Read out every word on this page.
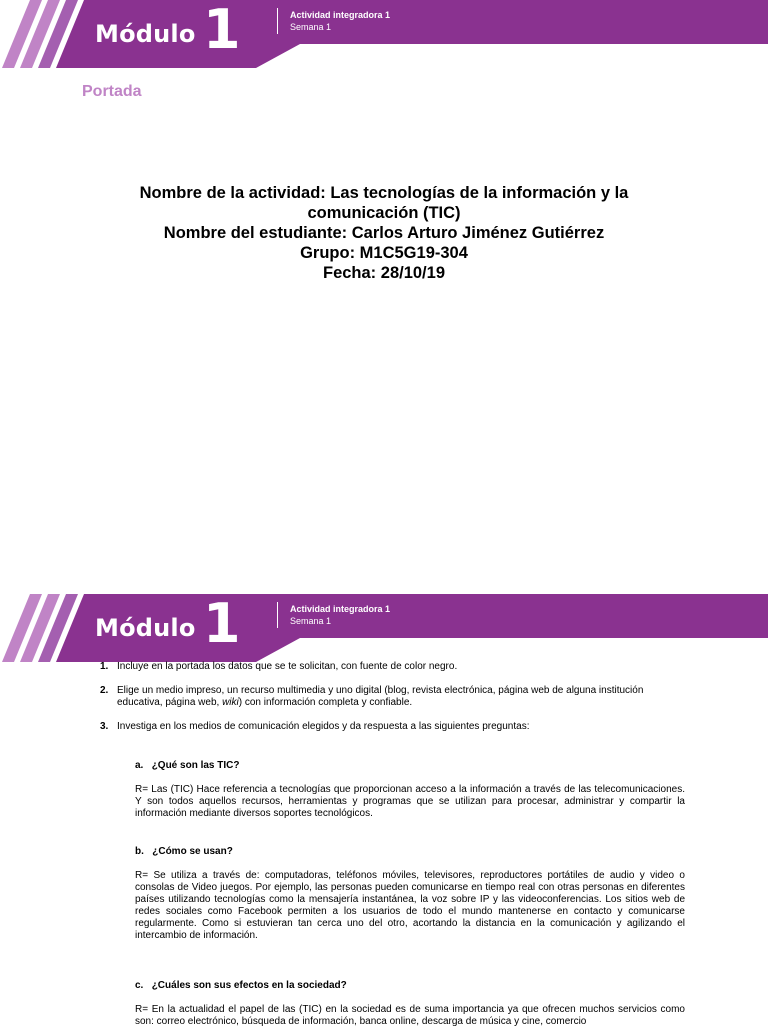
Módulo 1	Actividad integradora 1
Semana 1
Portada
Nombre de la actividad: Las tecnologías de la información y la
comunicación (TIC)
Nombre del estudiante: Carlos Arturo Jiménez Gutiérrez
Grupo: M1C5G19-304
Fecha: 28/10/19
Módulo 1	Actividad integradora 1
Semana 1
1. Incluye en la portada los datos que se te solicitan, con fuente de color negro.
2. Elige un medio impreso, un recurso multimedia y uno digital (blog, revista electrónica, página web de alguna institución educativa, página web, wiki) con información completa y confiable.
3. Investiga en los medios de comunicación elegidos y da respuesta a las siguientes preguntas:
a. ¿Qué son las TIC?
R= Las (TIC) Hace referencia a tecnologías que proporcionan acceso a la información a través de las telecomunicaciones. Y son todos aquellos recursos, herramientas y programas que se utilizan para procesar, administrar y compartir la información mediante diversos soportes tecnológicos.
b. ¿Cómo se usan?
R= Se utiliza a través de: computadoras, teléfonos móviles, televisores, reproductores portátiles de audio y video o consolas de Video juegos. Por ejemplo, las personas pueden comunicarse en tiempo real con otras personas en diferentes países utilizando tecnologías como la mensajería instantánea, la voz sobre IP y las videoconferencias. Los sitios web de redes sociales como Facebook permiten a los usuarios de todo el mundo mantenerse en contacto y comunicarse regularmente. Como si estuvieran tan cerca uno del otro, acortando la distancia en la comunicación y agilizando el intercambio de información.
c. ¿Cuáles son sus efectos en la sociedad?
R= En la actualidad el papel de las (TIC) en la sociedad es de suma importancia ya que ofrecen muchos servicios como son: correo electrónico, búsqueda de información, banca online, descarga de música y cine, comercio
